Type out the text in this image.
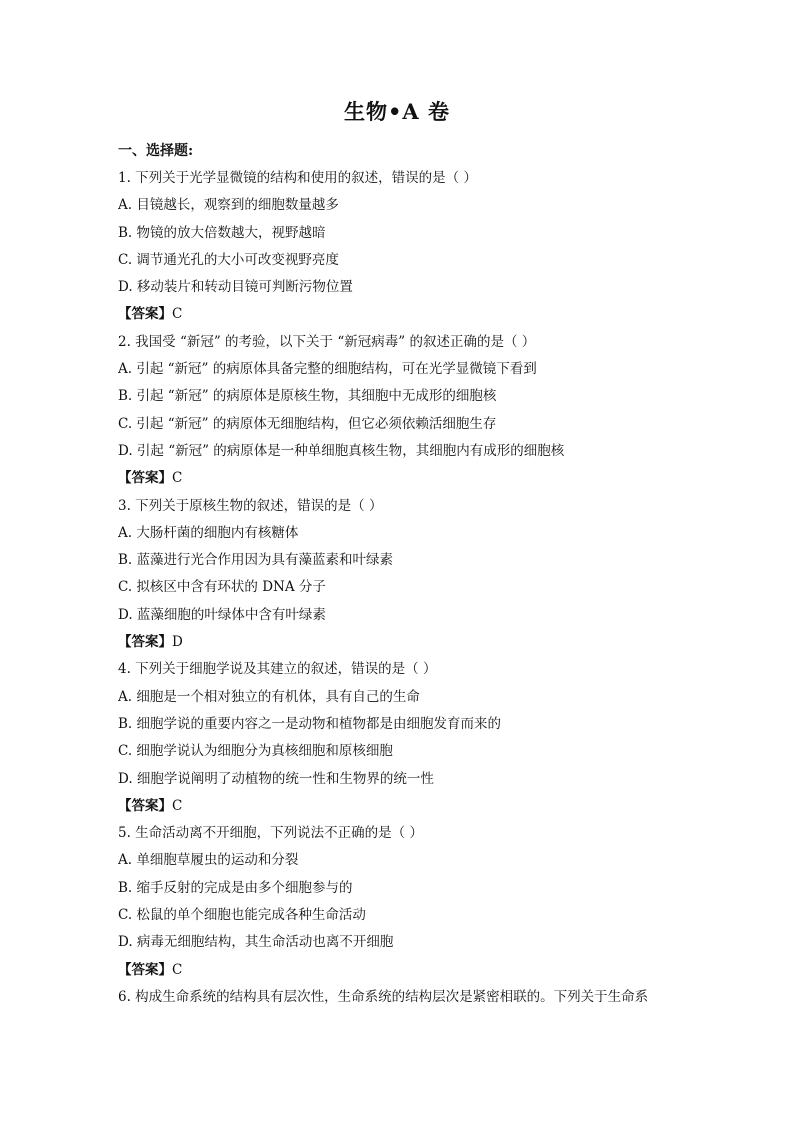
生物•A 卷
一、选择题:
1. 下列关于光学显微镜的结构和使用的叙述，错误的是（ ）
A. 目镜越长，观察到的细胞数量越多
B. 物镜的放大倍数越大，视野越暗
C. 调节通光孔的大小可改变视野亮度
D. 移动装片和转动目镜可判断污物位置
【答案】C
2. 我国受 “新冠” 的考验，以下关于 “新冠病毒” 的叙述正确的是（ ）
A. 引起 “新冠” 的病原体具备完整的细胞结构，可在光学显微镜下看到
B. 引起 “新冠” 的病原体是原核生物，其细胞中无成形的细胞核
C. 引起 “新冠” 的病原体无细胞结构，但它必须依赖活细胞生存
D. 引起 “新冠” 的病原体是一种单细胞真核生物，其细胞内有成形的细胞核
【答案】C
3. 下列关于原核生物的叙述，错误的是（ ）
A. 大肠杆菌的细胞内有核糖体
B. 蓝藻进行光合作用因为具有藻蓝素和叶绿素
C. 拟核区中含有环状的 DNA 分子
D. 蓝藻细胞的叶绿体中含有叶绿素
【答案】D
4. 下列关于细胞学说及其建立的叙述，错误的是（ ）
A. 细胞是一个相对独立的有机体，具有自己的生命
B. 细胞学说的重要内容之一是动物和植物都是由细胞发育而来的
C. 细胞学说认为细胞分为真核细胞和原核细胞
D. 细胞学说阐明了动植物的统一性和生物界的统一性
【答案】C
5. 生命活动离不开细胞，下列说法不正确的是（ ）
A. 单细胞草履虫的运动和分裂
B. 缩手反射的完成是由多个细胞参与的
C. 松鼠的单个细胞也能完成各种生命活动
D. 病毒无细胞结构，其生命活动也离不开细胞
【答案】C
6. 构成生命系统的结构具有层次性，生命系统的结构层次是紧密相联的。下列关于生命系
